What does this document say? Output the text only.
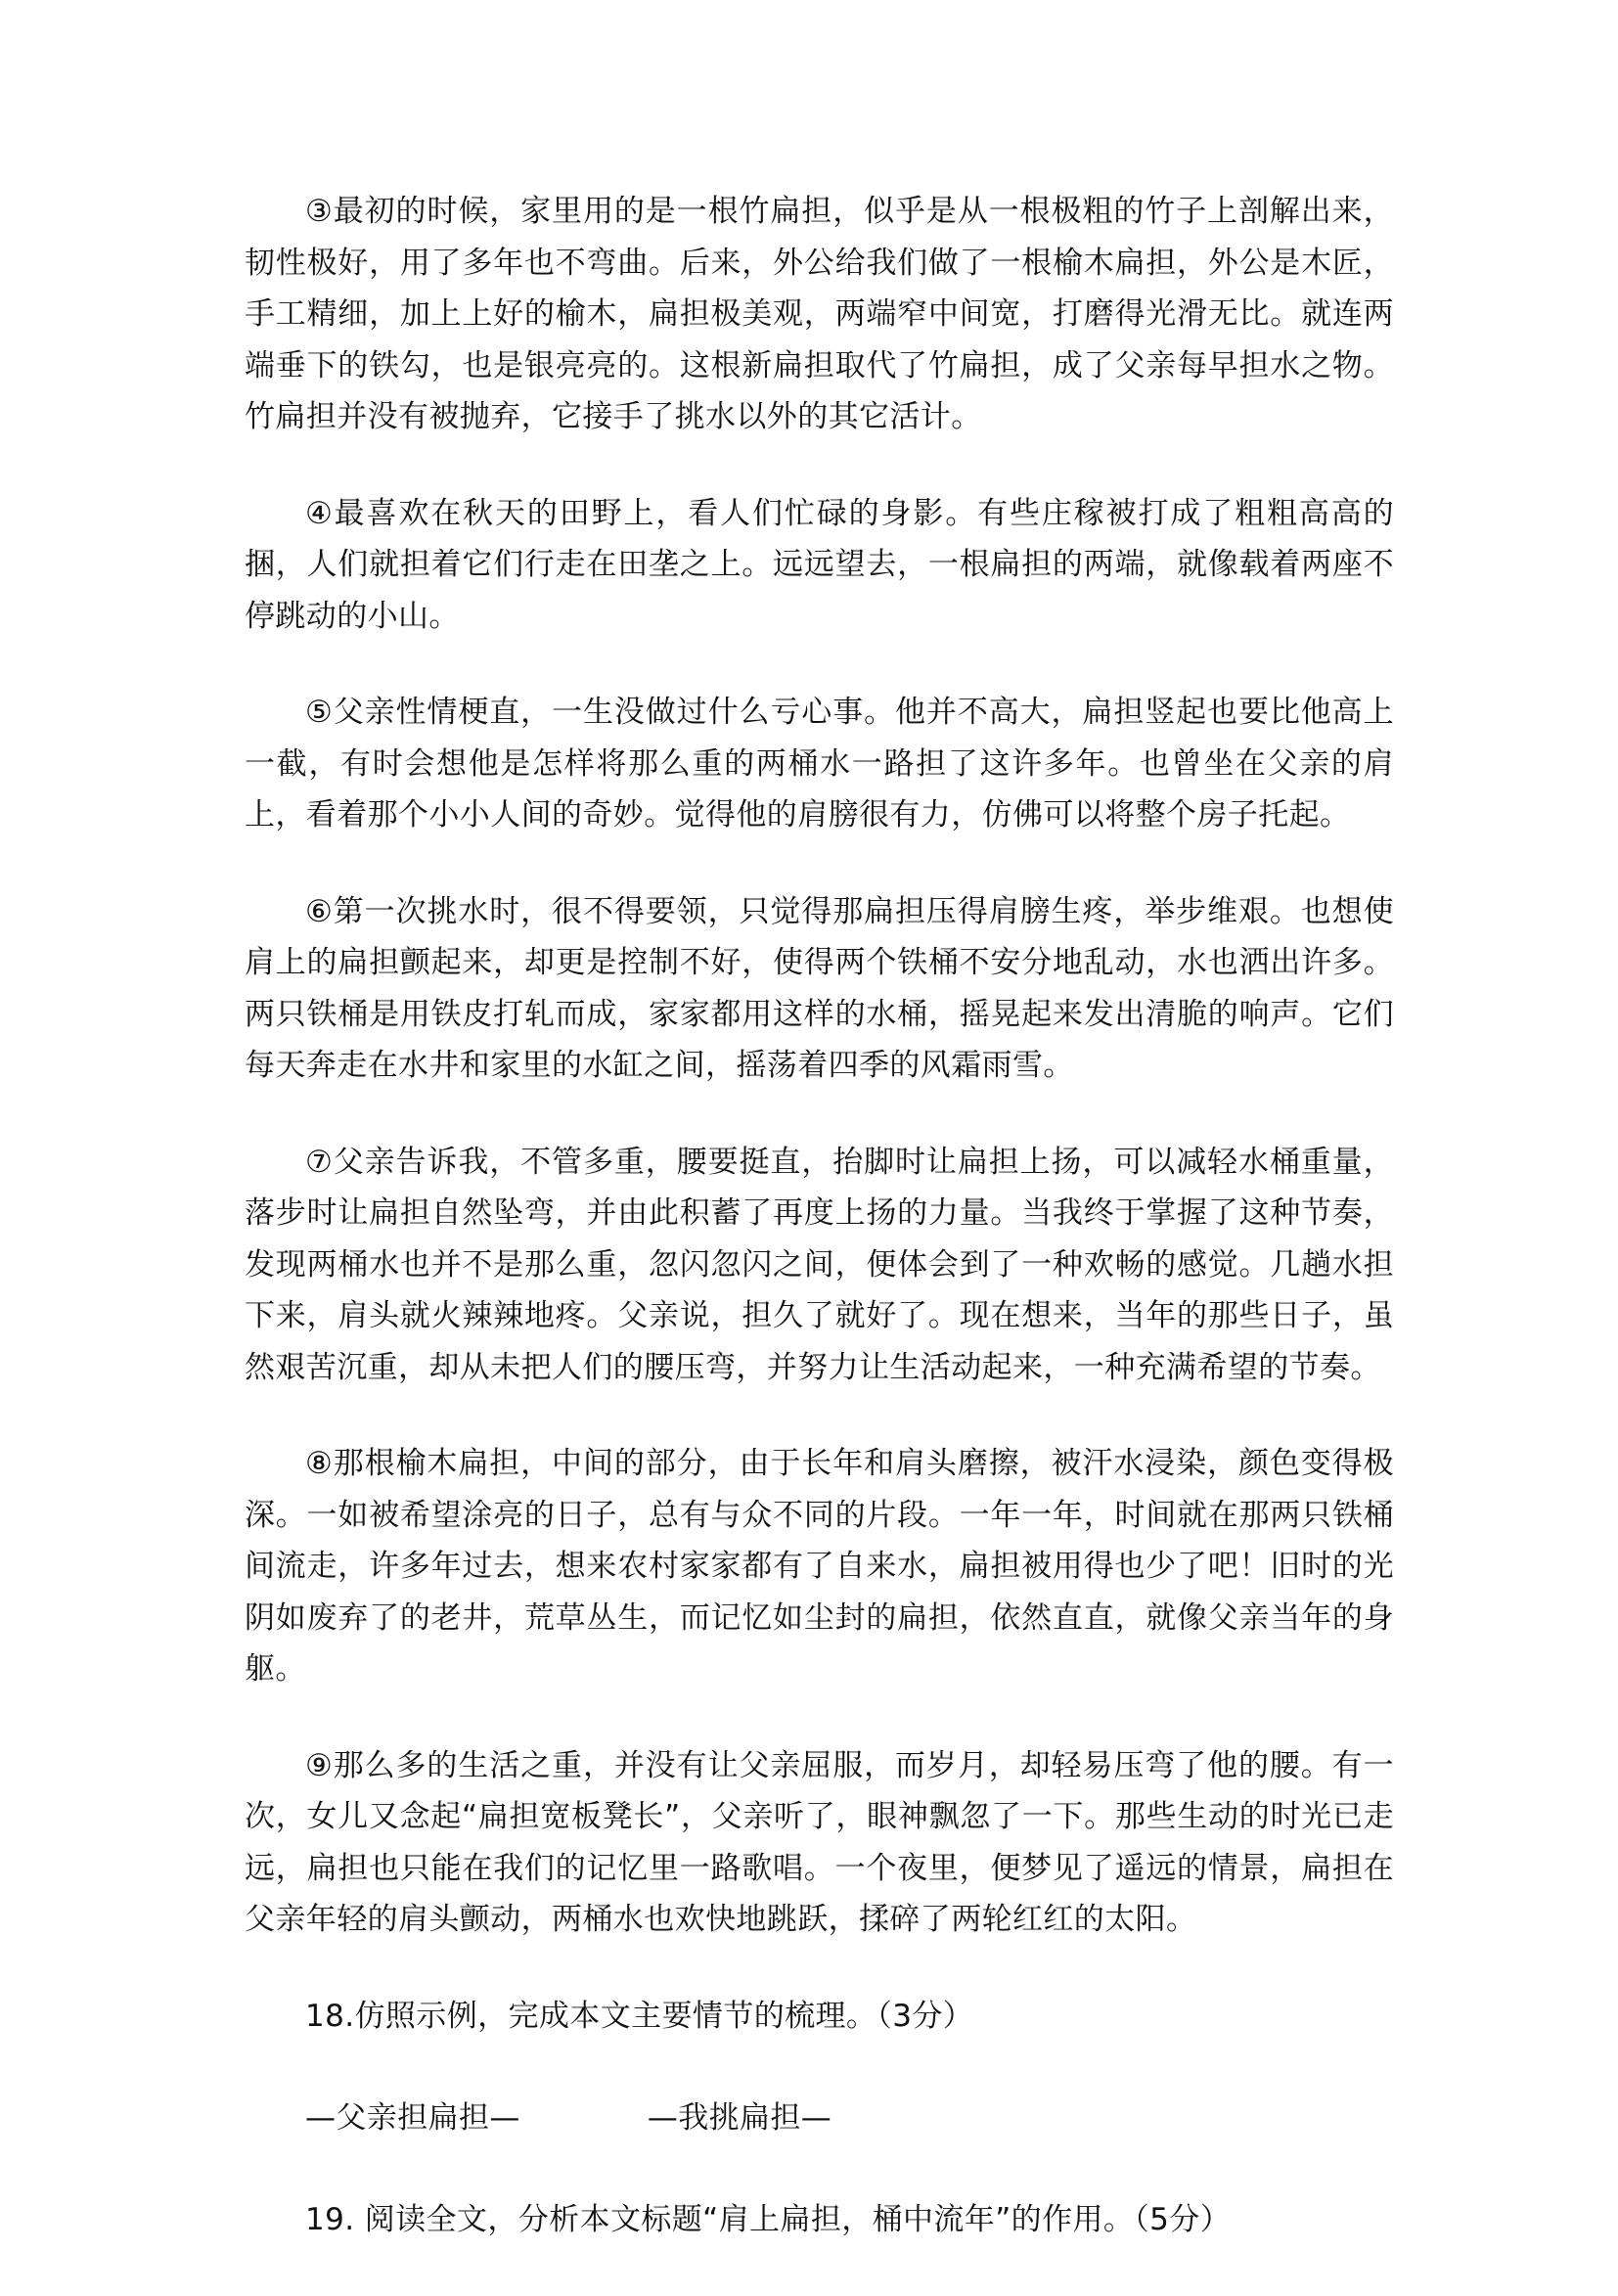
③最初的时候，家里用的是一根竹扁担，似乎是从一根极粗的竹子上剖解出来，韧性极好，用了多年也不弯曲。后来，外公给我们做了一根榆木扁担，外公是木匠，手工精细，加上上好的榆木，扁担极美观，两端窄中间宽，打磨得光滑无比。就连两端垂下的铁勾，也是银亮亮的。这根新扁担取代了竹扁担，成了父亲每早担水之物。竹扁担并没有被抛弃，它接手了挑水以外的其它活计。

④最喜欢在秋天的田野上，看人们忙碌的身影。有些庄稼被打成了粗粗高高的捆，人们就担着它们行走在田垄之上。远远望去，一根扁担的两端，就像载着两座不停跳动的小山。

⑤父亲性情梗直，一生没做过什么亏心事。他并不高大，扁担竖起也要比他高上一截，有时会想他是怎样将那么重的两桶水一路担了这许多年。也曾坐在父亲的肩上，看着那个小小人间的奇妙。觉得他的肩膀很有力，仿佛可以将整个房子托起。

⑥第一次挑水时，很不得要领，只觉得那扁担压得肩膀生疼，举步维艰。也想使肩上的扁担颤起来，却更是控制不好，使得两个铁桶不安分地乱动，水也洒出许多。两只铁桶是用铁皮打轧而成，家家都用这样的水桶，摇晃起来发出清脆的响声。它们每天奔走在水井和家里的水缸之间，摇荡着四季的风霜雨雪。

⑦父亲告诉我，不管多重，腰要挺直，抬脚时让扁担上扬，可以减轻水桶重量，落步时让扁担自然坠弯，并由此积蓄了再度上扬的力量。当我终于掌握了这种节奏，发现两桶水也并不是那么重，忽闪忽闪之间，便体会到了一种欢畅的感觉。几趟水担下来，肩头就火辣辣地疼。父亲说，担久了就好了。现在想来，当年的那些日子，虽然艰苦沉重，却从未把人们的腰压弯，并努力让生活动起来，一种充满希望的节奏。

⑧那根榆木扁担，中间的部分，由于长年和肩头磨擦，被汗水浸染，颜色变得极深。一如被希望涂亮的日子，总有与众不同的片段。一年一年，时间就在那两只铁桶间流走，许多年过去，想来农村家家都有了自来水，扁担被用得也少了吧！旧时的光阴如废弃了的老井，荒草丛生，而记忆如尘封的扁担，依然直直，就像父亲当年的身躯。

⑨那么多的生活之重，并没有让父亲屈服，而岁月，却轻易压弯了他的腰。有一次，女儿又念起“扁担宽板凳长”，父亲听了，眼神飘忽了一下。那些生动的时光已走远，扁担也只能在我们的记忆里一路歌唱。一个夜里，便梦见了遥远的情景，扁担在父亲年轻的肩头颤动，两桶水也欢快地跳跃，揉碎了两轮红红的太阳。

18.仿照示例，完成本文主要情节的梳理。（3分）

—父亲担扁担—	—我挑扁担—

19. 阅读全文，分析本文标题“肩上扁担，桶中流年”的作用。（5分）
